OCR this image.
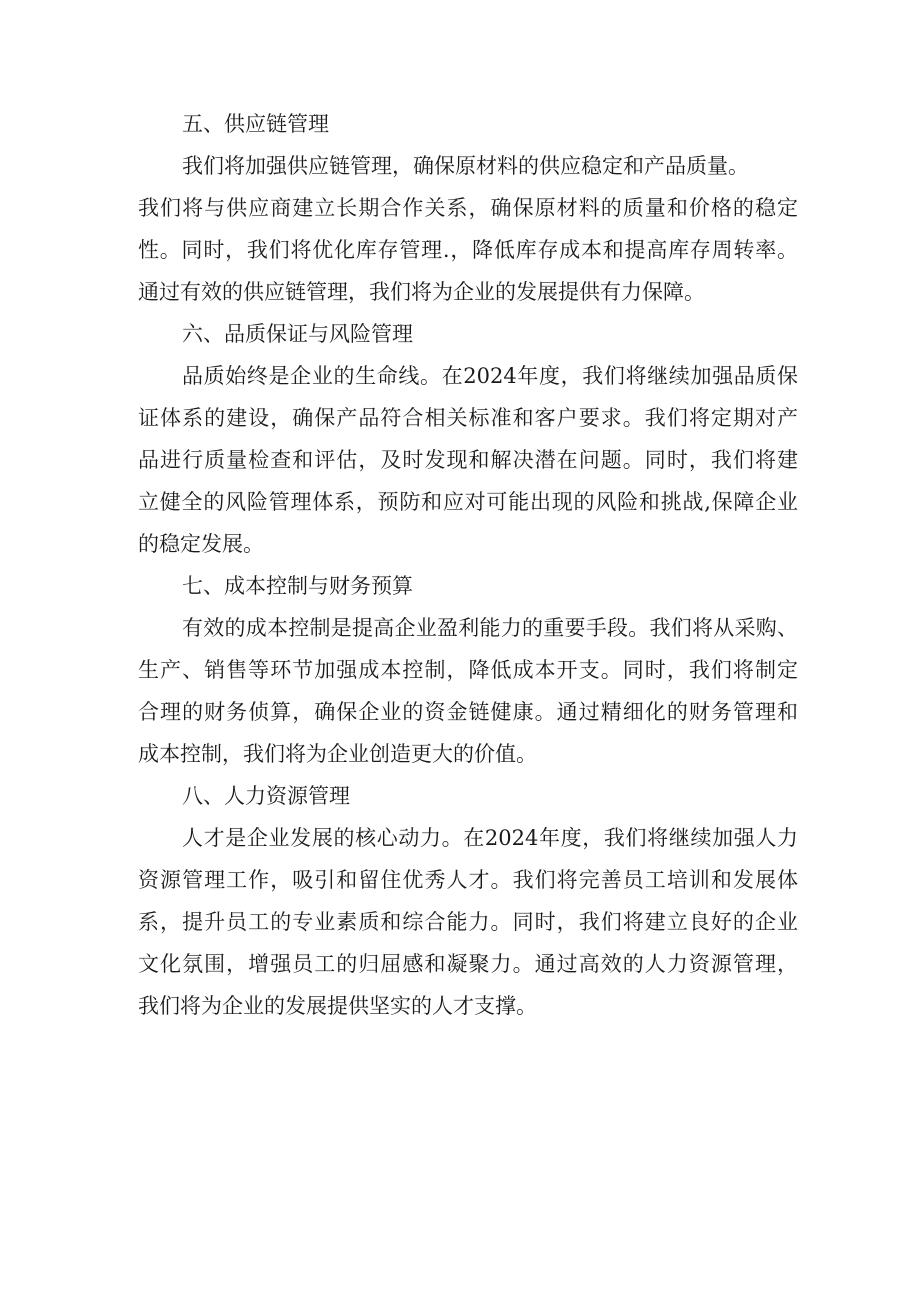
五、供应链管理
我们将加强供应链管理，确保原材料的供应稳定和产品质量。
我们将与供应商建立长期合作关系，确保原材料的质量和价格的稳定
性。同时，我们将优化库存管理.，降低库存成本和提高库存周转率。
通过有效的供应链管理，我们将为企业的发展提供有力保障。
六、品质保证与风险管理
品质始终是企业的生命线。在2024年度，我们将继续加强品质保
证体系的建设，确保产品符合相关标准和客户要求。我们将定期对产
品进行质量检查和评估，及时发现和解决潜在问题。同时，我们将建
立健全的风险管理体系，预防和应对可能出现的风险和挑战,保障企业
的稳定发展。
七、成本控制与财务预算
有效的成本控制是提高企业盈利能力的重要手段。我们将从采购、
生产、销售等环节加强成本控制，降低成本开支。同时，我们将制定
合理的财务侦算，确保企业的资金链健康。通过精细化的财务管理和
成本控制，我们将为企业创造更大的价值。
八、人力资源管理
人才是企业发展的核心动力。在2024年度，我们将继续加强人力
资源管理工作，吸引和留住优秀人才。我们将完善员工培训和发展体
系，提升员工的专业素质和综合能力。同时，我们将建立良好的企业
文化氛围，增强员工的归屈感和凝聚力。通过高效的人力资源管理，
我们将为企业的发展提供坚实的人才支撑。
